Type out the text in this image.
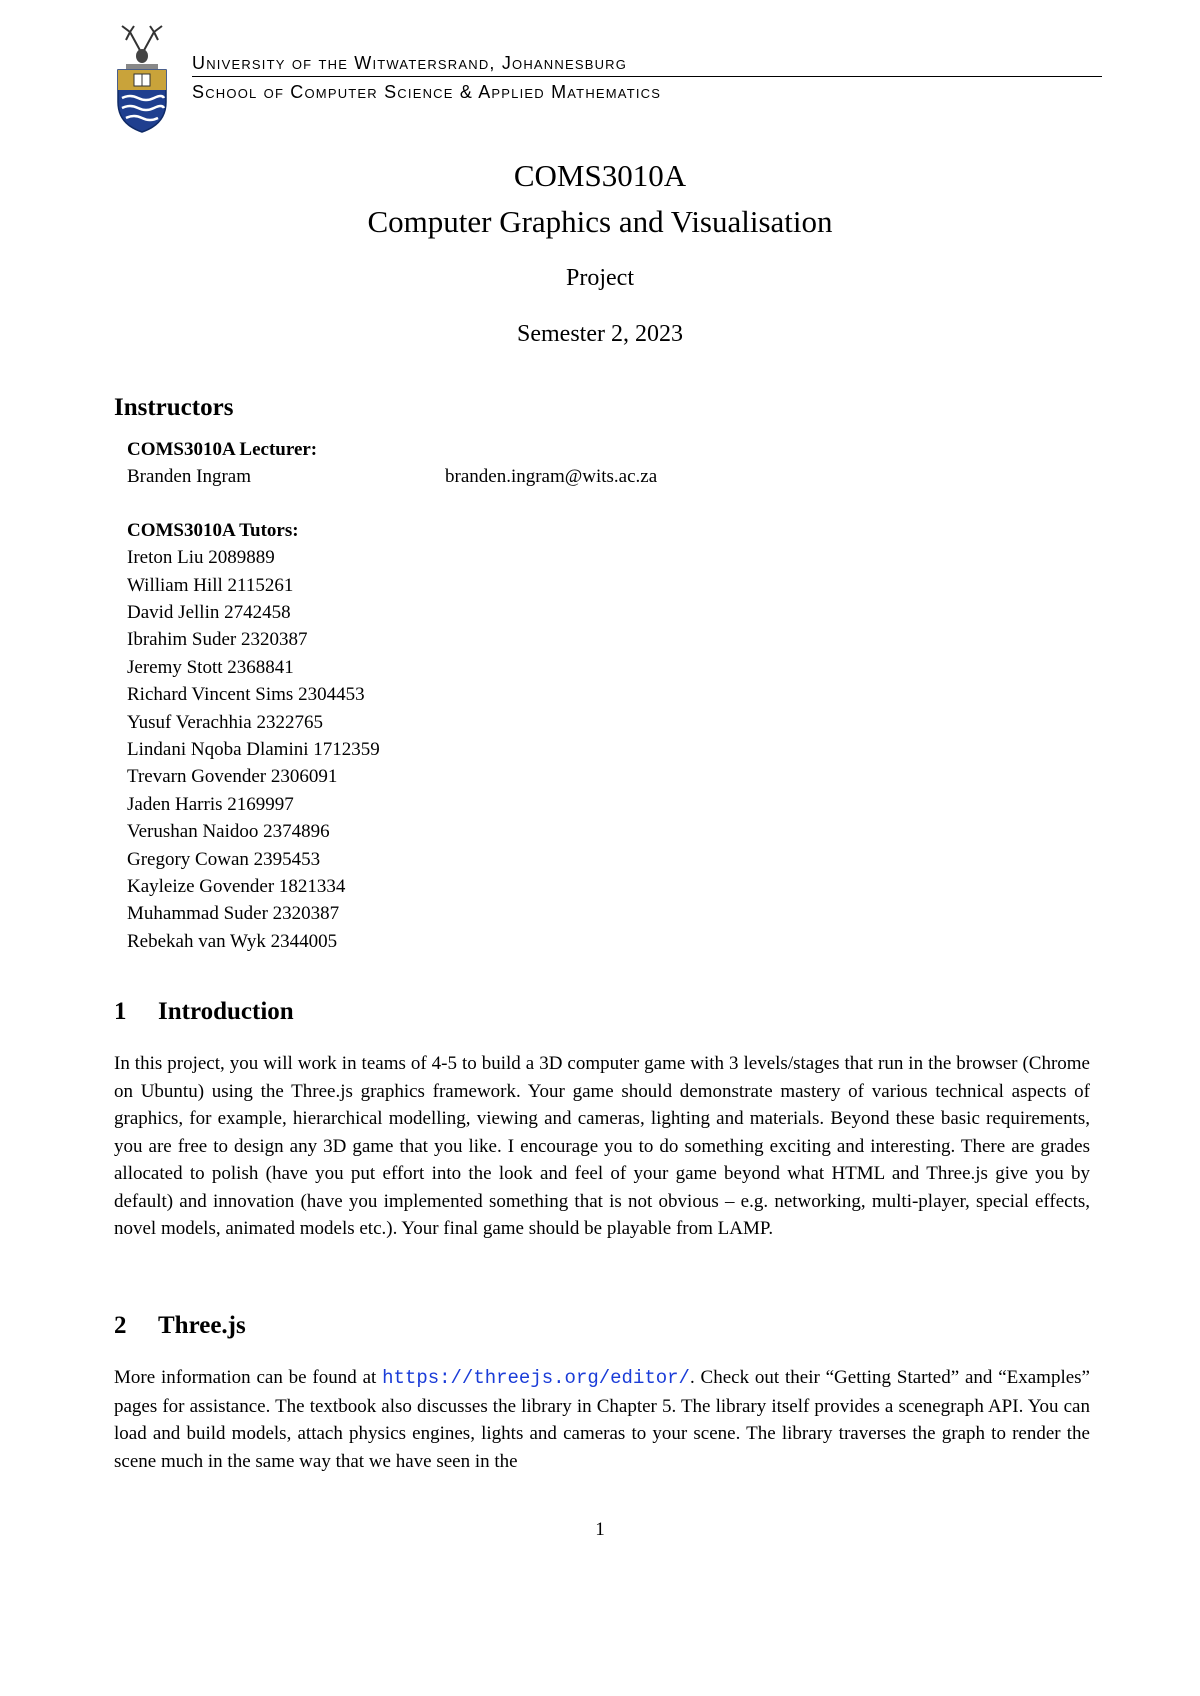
University of the Witwatersrand, Johannesburg
School of Computer Science & Applied Mathematics
COMS3010A
Computer Graphics and Visualisation
Project
Semester 2, 2023
Instructors
COMS3010A Lecturer:
Branden Ingram	branden.ingram@wits.ac.za
COMS3010A Tutors:
Ireton Liu 2089889
William Hill 2115261
David Jellin 2742458
Ibrahim Suder 2320387
Jeremy Stott 2368841
Richard Vincent Sims 2304453
Yusuf Verachhia 2322765
Lindani Nqoba Dlamini 1712359
Trevarn Govender 2306091
Jaden Harris 2169997
Verushan Naidoo 2374896
Gregory Cowan 2395453
Kayleize Govender 1821334
Muhammad Suder 2320387
Rebekah van Wyk 2344005
1 Introduction
In this project, you will work in teams of 4-5 to build a 3D computer game with 3 levels/stages that run in the browser (Chrome on Ubuntu) using the Three.js graphics framework. Your game should demonstrate mastery of various technical aspects of graphics, for example, hierarchical modelling, viewing and cameras, lighting and materials. Beyond these basic requirements, you are free to design any 3D game that you like. I encourage you to do something exciting and interesting. There are grades allocated to polish (have you put effort into the look and feel of your game beyond what HTML and Three.js give you by default) and innovation (have you implemented something that is not obvious – e.g. networking, multi-player, special effects, novel models, animated models etc.). Your final game should be playable from LAMP.
2 Three.js
More information can be found at https://threejs.org/editor/. Check out their “Getting Started” and “Examples” pages for assistance. The textbook also discusses the library in Chapter 5. The library itself provides a scenegraph API. You can load and build models, attach physics engines, lights and cameras to your scene. The library traverses the graph to render the scene much in the same way that we have seen in the
1
